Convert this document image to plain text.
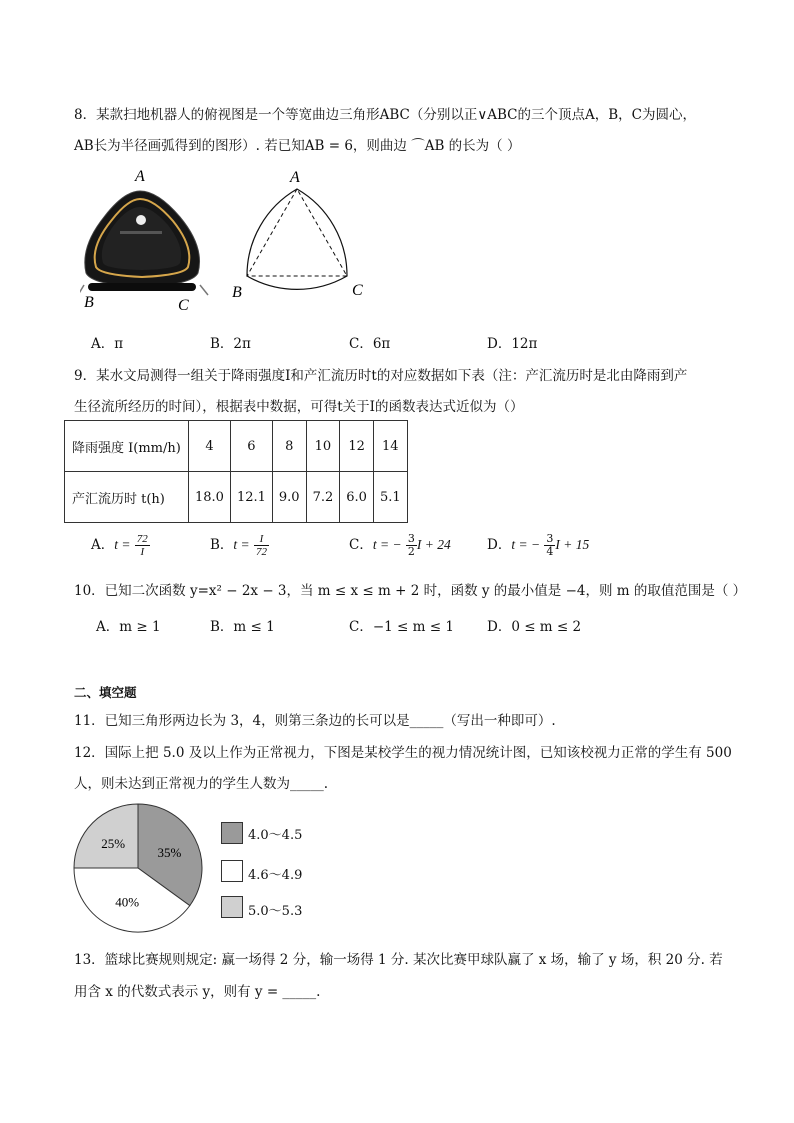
8．某款扫地机器人的俯视图是一个等宽曲边三角形ABC（分别以正∨ABC的三个顶点A，B，C为圆心，
AB长为半径画弧得到的图形）. 若已知AB = 6，则曲边 ⌒AB 的长为（ ）
A
B	C
A
B	C
A．π	B．2π	C．6π	D．12π
9．某水文局测得一组关于降雨强度I和产汇流历时t的对应数据如下表（注：产汇流历时是北由降雨到产
生径流所经历的时间），根据表中数据，可得t关于I的函数表达式近似为（）
降雨强度 I(mm/h)	4	6	8	10	12	14
产汇流历时 t(h)	18.0	12.1	9.0	7.2	6.0	5.1
A．$t = \frac{72}{I}$	B．$t = \frac{I}{72}$	C．t = − $\frac{3}{2}$ I + 24	D．t = − $\frac{3}{4}$ I + 15
10．已知二次函数 y=x² − 2x − 3，当 m ≤ x ≤ m + 2 时，函数 y 的最小值是 −4，则 m 的取值范围是（ ）
A．m ≥ 1	B．m ≤ 1	C．−1 ≤ m ≤ 1 D．0 ≤ m ≤ 2
二、填空题
11．已知三角形两边长为 3，4，则第三条边的长可以是_____（写出一种即可）.
12．国际上把 5.0 及以上作为正常视力，下图是某校学生的视力情况统计图，已知该校视力正常的学生有 500
人，则未达到正常视力的学生人数为_____.
35%
40%
25%
4.0～4.5
4.6～4.9
5.0～5.3
13．篮球比赛规则规定: 赢一场得 2 分，输一场得 1 分. 某次比赛甲球队赢了 x 场，输了 y 场，积 20 分. 若
用含 x 的代数式表示 y，则有 y = _____.
